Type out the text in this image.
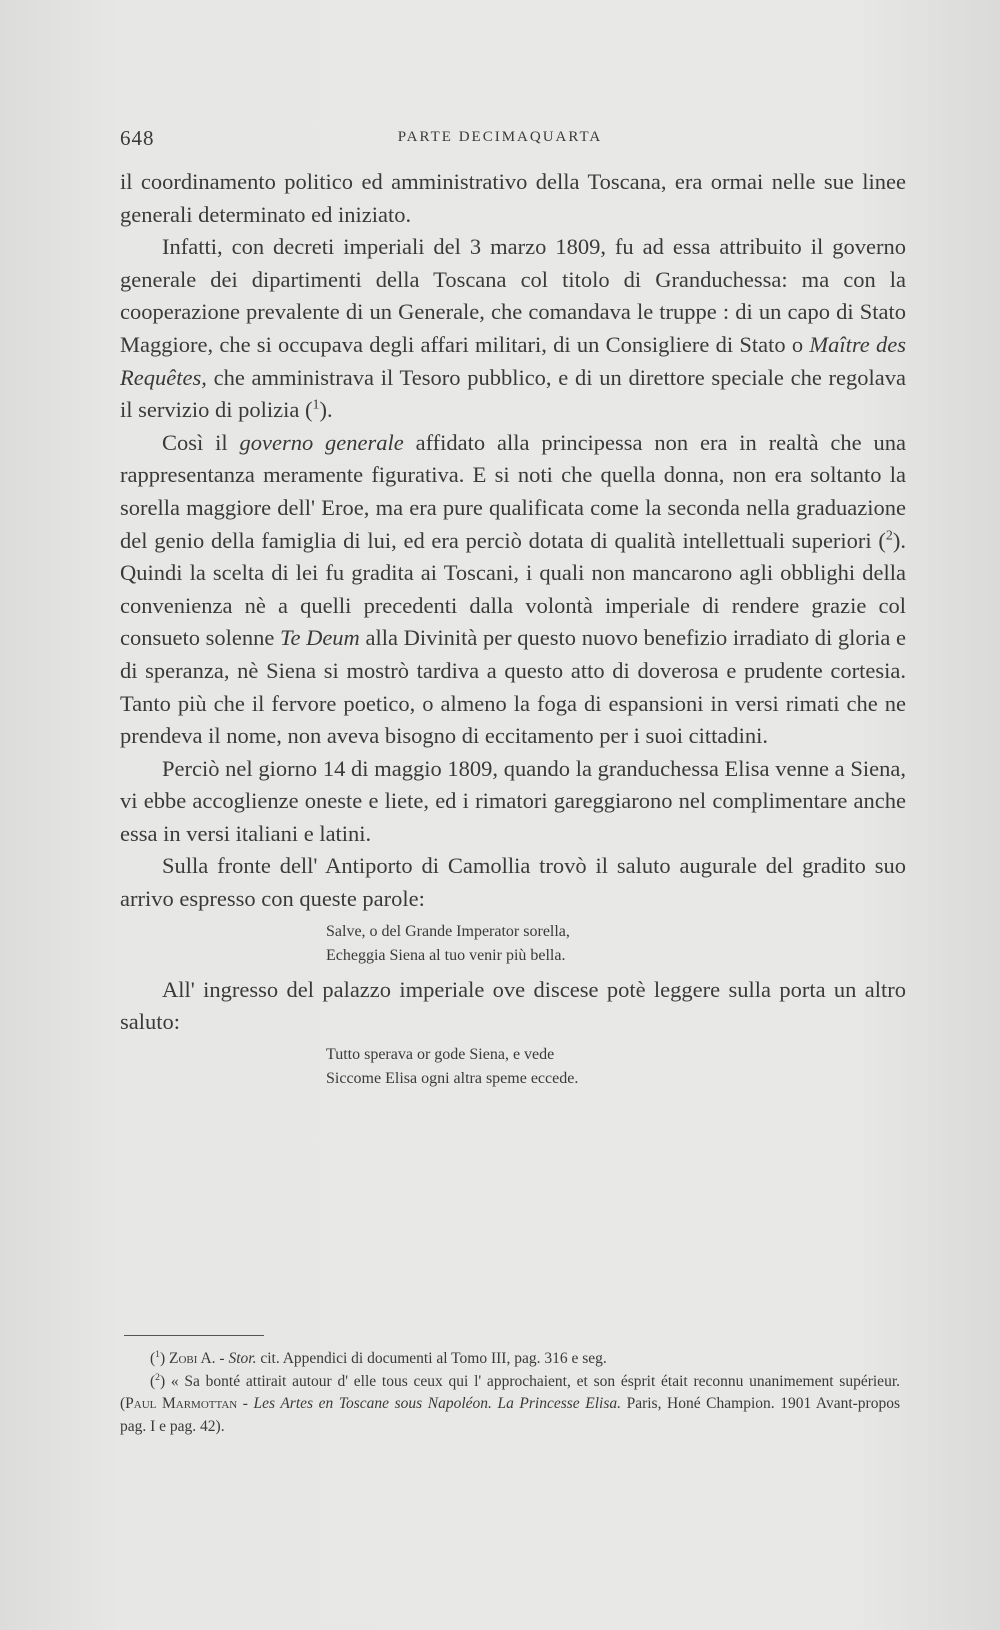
648	PARTE DECIMAQUARTA

il coordinamento politico ed amministrativo della Toscana, era ormai nelle sue linee generali determinato ed iniziato.

Infatti, con decreti imperiali del 3 marzo 1809, fu ad essa attribuito il governo generale dei dipartimenti della Toscana col titolo di Granduchessa: ma con la cooperazione prevalente di un Generale, che comandava le truppe : di un capo di Stato Maggiore, che si occupava degli affari militari, di un Consigliere di Stato o Maître des Requêtes, che amministrava il Tesoro pubblico, e di un direttore speciale che regolava il servizio di polizia ($^1$).

Così il governo generale affidato alla principessa non era in realtà che una rappresentanza meramente figurativa. E si noti che quella donna, non era soltanto la sorella maggiore dell' Eroe, ma era pure qualificata come la seconda nella graduazione del genio della famiglia di lui, ed era perciò dotata di qualità intellettuali superiori ($^2$). Quindi la scelta di lei fu gradita ai Toscani, i quali non mancarono agli obblighi della convenienza nè a quelli precedenti dalla volontà imperiale di rendere grazie col consueto solenne Te Deum alla Divinità per questo nuovo benefizio irradiato di gloria e di speranza, nè Siena si mostrò tardiva a questo atto di doverosa e prudente cortesia. Tanto più che il fervore poetico, o almeno la foga di espansioni in versi rimati che ne prendeva il nome, non aveva bisogno di eccitamento per i suoi cittadini.

Perciò nel giorno 14 di maggio 1809, quando la granduchessa Elisa venne a Siena, vi ebbe accoglienze oneste e liete, ed i rimatori gareggiarono nel complimentare anche essa in versi italiani e latini.

Sulla fronte dell' Antiporto di Camollia trovò il saluto augurale del gradito suo arrivo espresso con queste parole:

Salve, o del Grande Imperator sorella,
Echeggia Siena al tuo venir più bella.

All' ingresso del palazzo imperiale ove discese potè leggere sulla porta un altro saluto:

Tutto sperava or gode Siena, e vede
Siccome Elisa ogni altra speme eccede.

($^1$) Zobi A. - Stor. cit. Appendici di documenti al Tomo III, pag. 316 e seg.

($^2$) « Sa bonté attirait autour d' elle tous ceux qui l' approchaient, et son ésprit était reconnu unanimement supérieur. (Paul Marmottan - Les Artes en Toscane sous Napoléon. La Princesse Elisa. Paris, Honé Champion. 1901 Avant-propos pag. I e pag. 42).
